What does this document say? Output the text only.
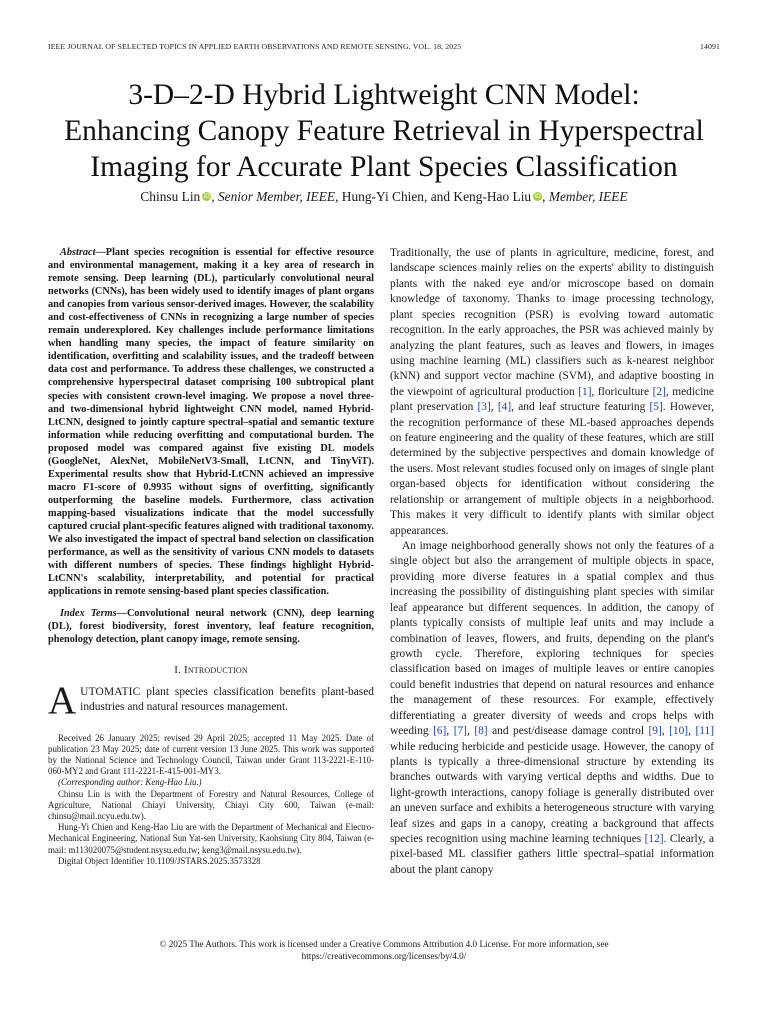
IEEE JOURNAL OF SELECTED TOPICS IN APPLIED EARTH OBSERVATIONS AND REMOTE SENSING, VOL. 18, 2025	14091
3-D–2-D Hybrid Lightweight CNN Model:
Enhancing Canopy Feature Retrieval in Hyperspectral
Imaging for Accurate Plant Species Classification
Chinsu Lin iD, Senior Member, IEEE, Hung-Yi Chien, and Keng-Hao Liu iD, Member, IEEE

Abstract—Plant species recognition is essential for effective resource and environmental management, making it a key area of research in remote sensing. Deep learning (DL), particularly convolutional neural networks (CNNs), has been widely used to identify images of plant organs and canopies from various sensor-derived images. However, the scalability and cost-effectiveness of CNNs in recognizing a large number of species remain underexplored. Key challenges include performance limitations when handling many species, the impact of feature similarity on identification, overfitting and scalability issues, and the tradeoff between data cost and performance. To address these challenges, we constructed a comprehensive hyperspectral dataset comprising 100 subtropical plant species with consistent crown-level imaging. We propose a novel three- and two-dimensional hybrid lightweight CNN model, named Hybrid-LtCNN, designed to jointly capture spectral–spatial and semantic texture information while reducing overfitting and computational burden. The proposed model was compared against five existing DL models (GoogleNet, AlexNet, MobileNetV3-Small, LtCNN, and TinyViT). Experimental results show that Hybrid-LtCNN achieved an impressive macro F1-score of 0.9935 without signs of overfitting, significantly outperforming the baseline models. Furthermore, class activation mapping-based visualizations indicate that the model successfully captured crucial plant-specific features aligned with traditional taxonomy. We also investigated the impact of spectral band selection on classification performance, as well as the sensitivity of various CNN models to datasets with different numbers of species. These findings highlight Hybrid-LtCNN's scalability, interpretability, and potential for practical applications in remote sensing-based plant species classification.

Index Terms—Convolutional neural network (CNN), deep learning (DL), forest biodiversity, forest inventory, leaf feature recognition, phenology detection, plant canopy image, remote sensing.

I. Introduction

AUTOMATIC plant species classification benefits plant-based industries and natural resources management.

Received 26 January 2025; revised 29 April 2025; accepted 11 May 2025. Date of publication 23 May 2025; date of current version 13 June 2025. This work was supported by the National Science and Technology Council, Taiwan under Grant 113-2221-E-110-060-MY2 and Grant 111-2221-E-415-001-MY3.

(Corresponding author: Keng-Hao Liu.)

Chinsu Lin is with the Department of Forestry and Natural Resources, College of Agriculture, National Chiayi University, Chiayi City 600, Taiwan (e-mail: chinsu@mail.ncyu.edu.tw).

Hung-Yi Chien and Keng-Hao Liu are with the Department of Mechanical and Electro-Mechanical Engineering, National Sun Yat-sen University, Kaohsiung City 804, Taiwan (e-mail: m113020075@student.nsysu.edu.tw; keng3@mail.nsysu.edu.tw).

Digital Object Identifier 10.1109/JSTARS.2025.3573328

Traditionally, the use of plants in agriculture, medicine, forest, and landscape sciences mainly relies on the experts' ability to distinguish plants with the naked eye and/or microscope based on domain knowledge of taxonomy. Thanks to image processing technology, plant species recognition (PSR) is evolving toward automatic recognition. In the early approaches, the PSR was achieved mainly by analyzing the plant features, such as leaves and flowers, in images using machine learning (ML) classifiers such as k-nearest neighbor (kNN) and support vector machine (SVM), and adaptive boosting in the viewpoint of agricultural production [1], floriculture [2], medicine plant preservation [3], [4], and leaf structure featuring [5]. However, the recognition performance of these ML-based approaches depends on feature engineering and the quality of these features, which are still determined by the subjective perspectives and domain knowledge of the users. Most relevant studies focused only on images of single plant organ-based objects for identification without considering the relationship or arrangement of multiple objects in a neighborhood. This makes it very difficult to identify plants with similar object appearances.

An image neighborhood generally shows not only the features of a single object but also the arrangement of multiple objects in space, providing more diverse features in a spatial complex and thus increasing the possibility of distinguishing plant species with similar leaf appearance but different sequences. In addition, the canopy of plants typically consists of multiple leaf units and may include a combination of leaves, flowers, and fruits, depending on the plant's growth cycle. Therefore, exploring techniques for species classification based on images of multiple leaves or entire canopies could benefit industries that depend on natural resources and enhance the management of these resources. For example, effectively differentiating a greater diversity of weeds and crops helps with weeding [6], [7], [8] and pest/disease damage control [9], [10], [11] while reducing herbicide and pesticide usage. However, the canopy of plants is typically a three-dimensional structure by extending its branches outwards with varying vertical depths and widths. Due to light-growth interactions, canopy foliage is generally distributed over an uneven surface and exhibits a heterogeneous structure with varying leaf sizes and gaps in a canopy, creating a background that affects species recognition using machine learning techniques [12]. Clearly, a pixel-based ML classifier gathers little spectral–spatial information about the plant canopy

© 2025 The Authors. This work is licensed under a Creative Commons Attribution 4.0 License. For more information, see
https://creativecommons.org/licenses/by/4.0/
